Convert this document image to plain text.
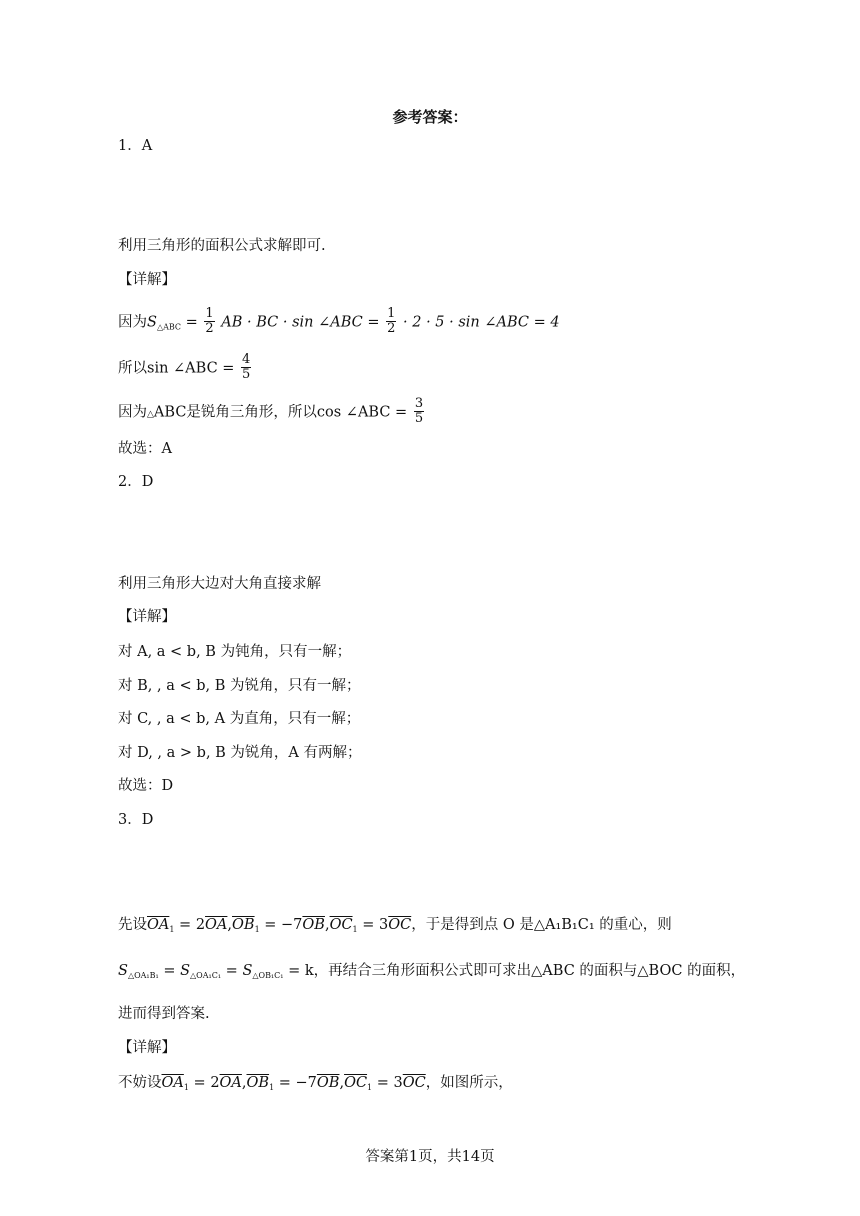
参考答案：
1．A
利用三角形的面积公式求解即可.
【详解】
因为$S_{\triangle ABC} = \frac{1}{2}$ AB · BC · sin ∠ABC = $\frac{1}{2} \cdot 2 \cdot 5 \cdot \sin$ ∠ABC = 4
所以sin ∠ABC = $\frac{4}{5}$
因为△ABC是锐角三角形，所以cos ∠ABC = $\frac{3}{5}$
故选：A
2．D
利用三角形大边对大角直接求解
【详解】
对 A, a < b, B 为钝角，只有一解；
对 B, , a < b, B 为锐角，只有一解；
对 C, , a < b, A 为直角，只有一解；
对 D, , a > b, B 为锐角，A 有两解；
故选：D
3．D
先设$\overline{OA}_1 = 2\overline{OA},\overline{OB}_1 = -7\overline{OB},\overline{OC}_1 = 3\overline{OC}$，于是得到点 O 是△A₁B₁C₁ 的重心，则
$S_{\triangle OA_1B_1} = S_{\triangle OA_1C_1} = S_{\triangle OB_1C_1} = k$，再结合三角形面积公式即可求出△ABC 的面积与△BOC 的面积，
进而得到答案.
【详解】
不妨设$\overline{OA}_1 = 2\overline{OA},\overline{OB}_1 = -7\overline{OB},\overline{OC}_1 = 3\overline{OC}$，如图所示，
答案第1页，共14页
